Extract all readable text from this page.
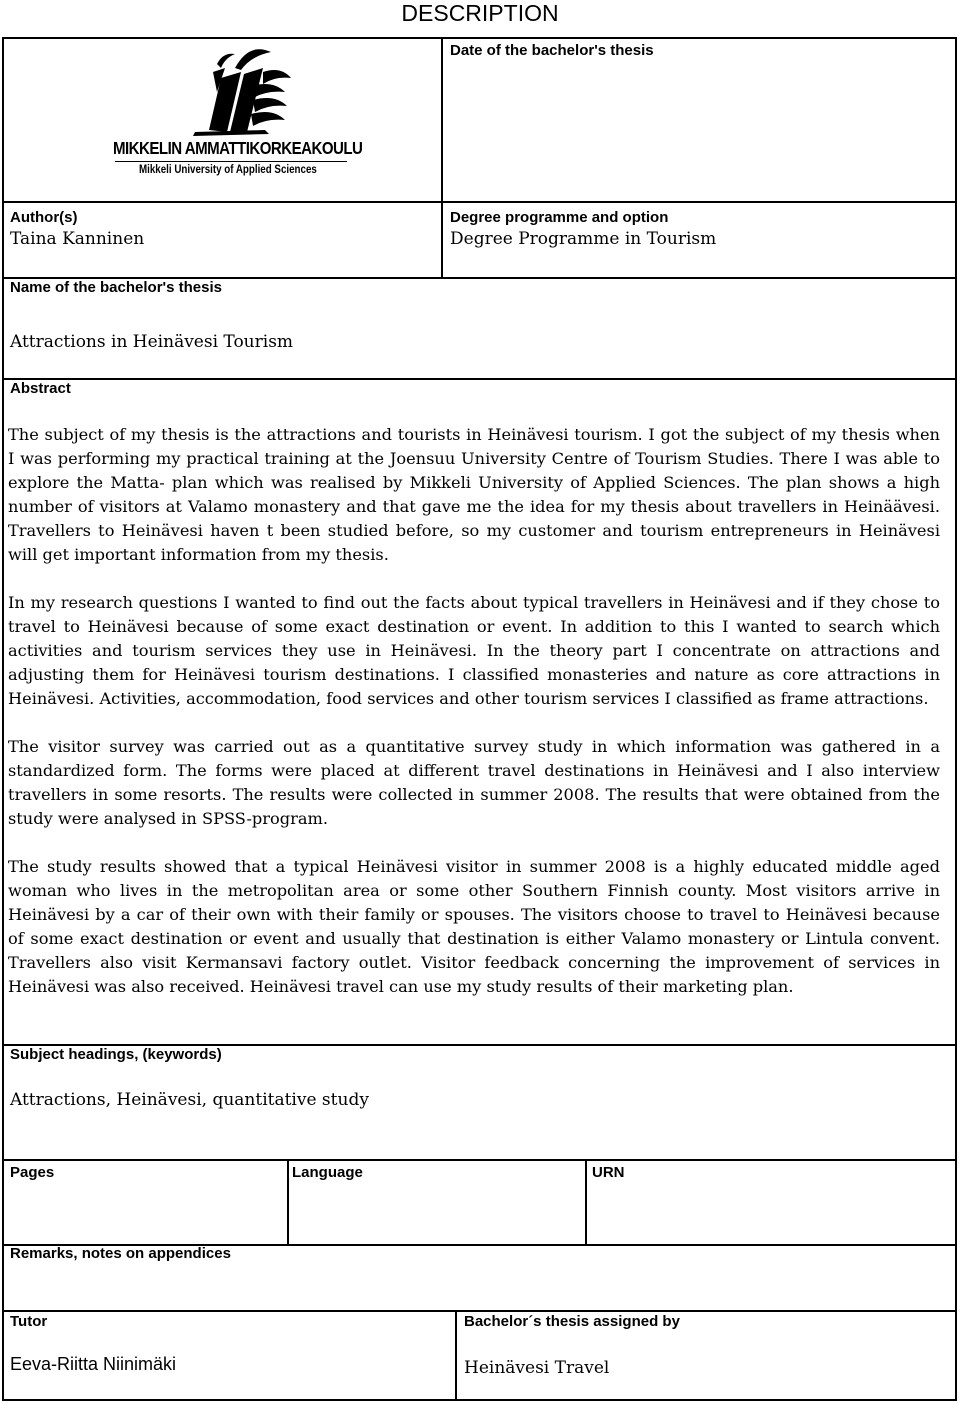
DESCRIPTION
MIKKELIN AMMATTIKORKEAKOULU
Mikkeli University of Applied Sciences
Date of the bachelor's thesis
Author(s)
Taina Kanninen
Degree programme and option
Degree Programme in Tourism
Name of the bachelor's thesis
Attractions in Heinävesi Tourism
Abstract

The subject of my thesis is the attractions and tourists in Heinävesi tourism. I got the subject of my thesis when I was performing my practical training at the Joensuu University Centre of Tourism Studies. There I was able to explore the Matta- plan which was realised by Mikkeli University of Applied Sciences. The plan shows a high number of visitors at Valamo monastery and that gave me the idea for my thesis about travellers in Heinäävesi. Travellers to Heinävesi haven t been studied before, so my customer and tourism entrepreneurs in Heinävesi will get important information from my thesis.

In my research questions I wanted to find out the facts about typical travellers in Heinävesi and if they chose to travel to Heinävesi because of some exact destination or event. In addition to this I wanted to search which activities and tourism services they use in Heinävesi. In the theory part I concentrate on attractions and adjusting them for Heinävesi tourism destinations. I classified monasteries and nature as core attractions in Heinävesi. Activities, accommodation, food services and other tourism services I classified as frame attractions.

The visitor survey was carried out as a quantitative survey study in which information was gathered in a standardized form. The forms were placed at different travel destinations in Heinävesi and I also interview travellers in some resorts. The results were collected in summer 2008. The results that were obtained from the study were analysed in SPSS-program.

The study results showed that a typical Heinävesi visitor in summer 2008 is a highly educated middle aged woman who lives in the metropolitan area or some other Southern Finnish county. Most visitors arrive in Heinävesi by a car of their own with their family or spouses. The visitors choose to travel to Heinävesi because of some exact destination or event and usually that destination is either Valamo monastery or Lintula convent. Travellers also visit Kermansavi factory outlet. Visitor feedback concerning the improvement of services in Heinävesi was also received. Heinävesi travel can use my study results of their marketing plan.

Subject headings, (keywords)
Attractions, Heinävesi, quantitative study
Pages	Language	URN
Remarks, notes on appendices
Tutor
Eeva-Riitta Niinimäki
Bachelor´s thesis assigned by
Heinävesi Travel
